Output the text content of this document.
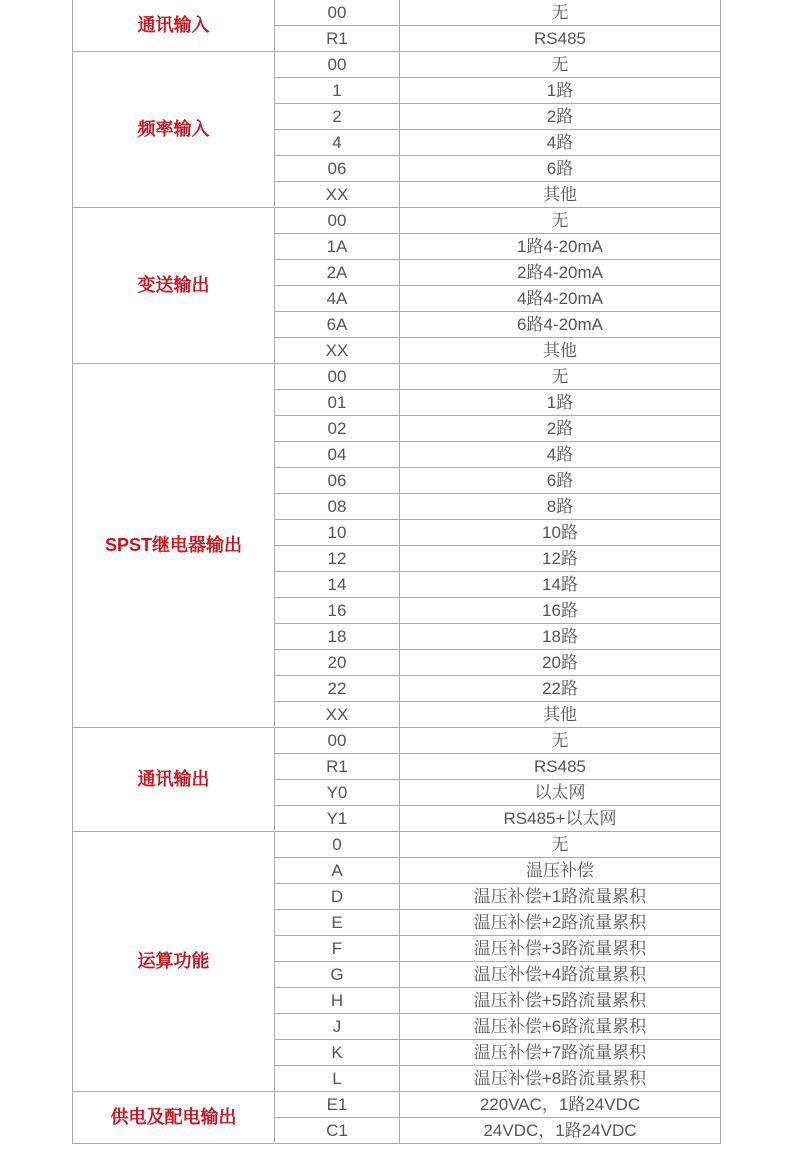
通讯输入	00	无
	R1	RS485
频率输入	00	无
	1	1路
	2	2路
	4	4路
	06	6路
	XX	其他
变送输出	00	无
	1A	1路4-20mA
	2A	2路4-20mA
	4A	4路4-20mA
	6A	6路4-20mA
	XX	其他
SPST继电器输出	00	无
	01	1路
	02	2路
	04	4路
	06	6路
	08	8路
	10	10路
	12	12路
	14	14路
	16	16路
	18	18路
	20	20路
	22	22路
	XX	其他
通讯输出	00	无
	R1	RS485
	Y0	以太网
	Y1	RS485+以太网
运算功能	0	无
	A	温压补偿
	D	温压补偿+1路流量累积
	E	温压补偿+2路流量累积
	F	温压补偿+3路流量累积
	G	温压补偿+4路流量累积
	H	温压补偿+5路流量累积
	J	温压补偿+6路流量累积
	K	温压补偿+7路流量累积
	L	温压补偿+8路流量累积
供电及配电输出	E1	220VAC，1路24VDC
	C1	24VDC，1路24VDC
